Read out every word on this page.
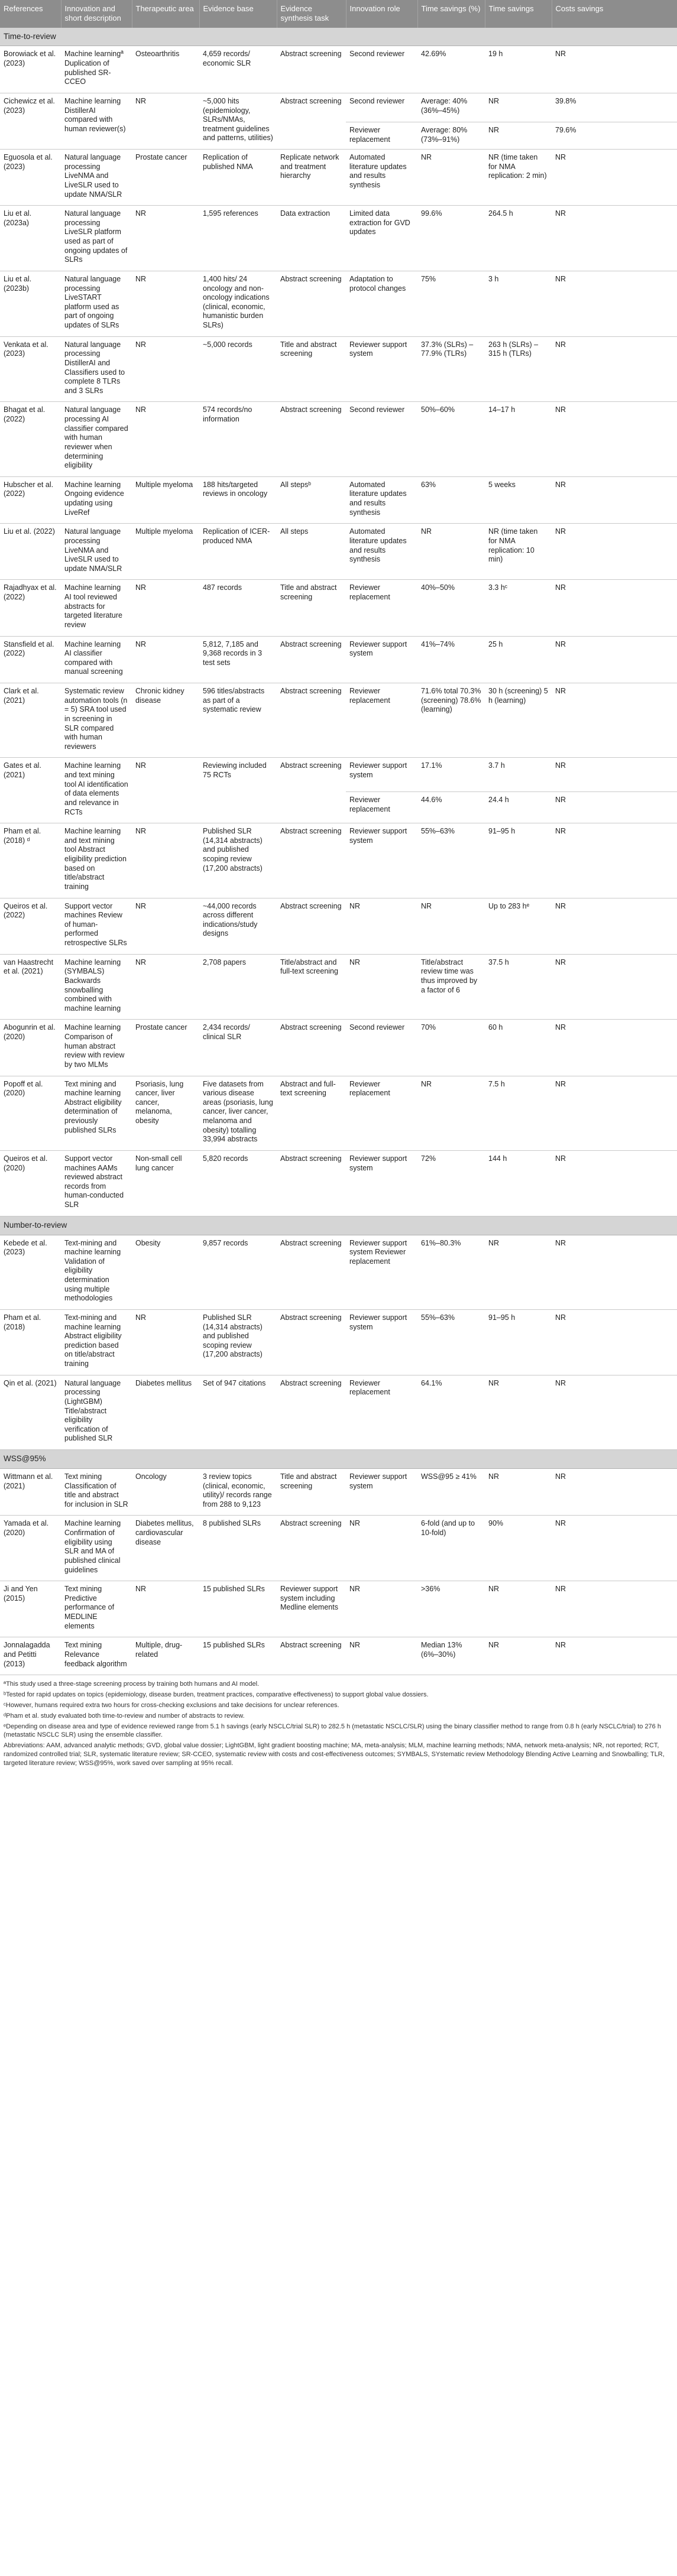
References	Innovation and short description	Therapeutic area	Evidence base	Evidence synthesis task	Innovation role	Time savings (%)	Time savings	Costs savings
Time-to-review								
Borowiack et al. (2023)	Machine learningª Duplication of published SR-CCEO	Osteoarthritis	4,659 records/ economic SLR	Abstract screening	Second reviewer	42.69%	19 h	NR
Cichewicz et al. (2023)	Machine learning DistillerAI compared with human reviewer(s)	NR	~5,000 hits (epidemiology, SLRs/NMAs, treatment guidelines and patterns, utilities)	Abstract screening	Second reviewer	Average: 40% (36%–45%)	NR	39.8%
					Reviewer replacement	Average: 80% (73%–91%)	NR	79.6%
Eguosola et al. (2023)	Natural language processing LiveNMA and LiveSLR used to update NMA/SLR	Prostate cancer	Replication of published NMA	Replicate network and treatment hierarchy	Automated literature updates and results synthesis	NR	NR (time taken for NMA replication: 2 min)	NR
Liu et al. (2023a)	Natural language processing LiveSLR platform used as part of ongoing updates of SLRs	NR	1,595 references	Data extraction	Limited data extraction for GVD updates	99.6%	264.5 h	NR
Liu et al. (2023b)	Natural language processing LiveSTART platform used as part of ongoing updates of SLRs	NR	1,400 hits/ 24 oncology and non-oncology indications (clinical, economic, humanistic burden SLRs)	Abstract screening	Adaptation to protocol changes	75%	3 h	NR
Venkata et al. (2023)	Natural language processing DistillerAI and Classifiers used to complete 8 TLRs and 3 SLRs	NR	~5,000 records	Title and abstract screening	Reviewer support system	37.3% (SLRs) – 77.9% (TLRs)	263 h (SLRs) – 315 h (TLRs)	NR
Bhagat et al. (2022)	Natural language processing AI classifier compared with human reviewer when determining eligibility	NR	574 records/no information	Abstract screening	Second reviewer	50%–60%	14–17 h	NR
Hubscher et al. (2022)	Machine learning Ongoing evidence updating using LiveRef	Multiple myeloma	188 hits/targeted reviews in oncology	All stepsᵇ	Automated literature updates and results synthesis	63%	5 weeks	NR
Liu et al. (2022)	Natural language processing LiveNMA and LiveSLR used to update NMA/SLR	Multiple myeloma	Replication of ICER-produced NMA	All steps	Automated literature updates and results synthesis	NR	NR (time taken for NMA replication: 10 min)	NR
Rajadhyax et al. (2022)	Machine learning AI tool reviewed abstracts for targeted literature review	NR	487 records	Title and abstract screening	Reviewer replacement	40%–50%	3.3 hᶜ	NR
Stansfield et al. (2022)	Machine learning AI classifier compared with manual screening	NR	5,812, 7,185 and 9,368 records in 3 test sets	Abstract screening	Reviewer support system	41%–74%	25 h	NR
Clark et al. (2021)	Systematic review automation tools (n = 5) SRA tool used in screening in SLR compared with human reviewers	Chronic kidney disease	596 titles/abstracts as part of a systematic review	Abstract screening	Reviewer replacement	71.6% total 70.3% (screening) 78.6% (learning)	30 h (screening) 5 h (learning)	NR
Gates et al. (2021)	Machine learning and text mining tool AI identification of data elements and relevance in RCTs	NR	Reviewing included 75 RCTs	Abstract screening	Reviewer support system	17.1%	3.7 h	NR
					Reviewer replacement	44.6%	24.4 h	NR
Pham et al. (2018) ᵈ	Machine learning and text mining tool Abstract eligibility prediction based on title/abstract training	NR	Published SLR (14,314 abstracts) and published scoping review (17,200 abstracts)	Abstract screening	Reviewer support system	55%–63%	91–95 h	NR
Queiros et al. (2022)	Support vector machines Review of human-performed retrospective SLRs	NR	~44,000 records across different indications/study designs	Abstract screening	NR	NR	Up to 283 hᵉ	NR
van Haastrecht et al. (2021)	Machine learning (SYMBALS) Backwards snowballing combined with machine learning	NR	2,708 papers	Title/abstract and full-text screening	NR	Title/abstract review time was thus improved by a factor of 6	37.5 h	NR
Abogunrin et al. (2020)	Machine learning Comparison of human abstract review with review by two MLMs	Prostate cancer	2,434 records/ clinical SLR	Abstract screening	Second reviewer	70%	60 h	NR
Popoff et al. (2020)	Text mining and machine learning Abstract eligibility determination of previously published SLRs	Psoriasis, lung cancer, liver cancer, melanoma, obesity	Five datasets from various disease areas (psoriasis, lung cancer, liver cancer, melanoma and obesity) totalling 33,994 abstracts	Abstract and full-text screening	Reviewer replacement	NR	7.5 h	NR
Queiros et al. (2020)	Support vector machines AAMs reviewed abstract records from human-conducted SLR	Non-small cell lung cancer	5,820 records	Abstract screening	Reviewer support system	72%	144 h	NR
Number-to-review								
Kebede et al. (2023)	Text-mining and machine learning Validation of eligibility determination using multiple methodologies	Obesity	9,857 records	Abstract screening	Reviewer support system Reviewer replacement	61%–80.3%	NR	NR
Pham et al. (2018)	Text-mining and machine learning Abstract eligibility prediction based on title/abstract training	NR	Published SLR (14,314 abstracts) and published scoping review (17,200 abstracts)	Abstract screening	Reviewer support system	55%–63%	91–95 h	NR
Qin et al. (2021)	Natural language processing (LightGBM) Title/abstract eligibility verification of published SLR	Diabetes mellitus	Set of 947 citations	Abstract screening	Reviewer replacement	64.1%	NR	NR
WSS@95%								
Wittmann et al. (2021)	Text mining Classification of title and abstract for inclusion in SLR	Oncology	3 review topics (clinical, economic, utility)/ records range from 288 to 9,123	Title and abstract screening	Reviewer support system	WSS@95 ≥ 41%	NR	NR
Yamada et al. (2020)	Machine learning Confirmation of eligibility using SLR and MA of published clinical guidelines	Diabetes mellitus, cardiovascular disease	8 published SLRs	Abstract screening	NR	6-fold (and up to 10-fold)	90%	NR
Ji and Yen (2015)	Text mining Predictive performance of MEDLINE elements	NR	15 published SLRs	Reviewer support system including Medline elements	NR	>36%	NR	NR
Jonnalagadda and Petitti (2013)	Text mining Relevance feedback algorithm	Multiple, drug-related	15 published SLRs	Abstract screening	NR	Median 13% (6%–30%)	NR	NR

ªThis study used a three-stage screening process by training both humans and AI model.

ᵇTested for rapid updates on topics (epidemiology, disease burden, treatment practices, comparative effectiveness) to support global value dossiers.

ᶜHowever, humans required extra two hours for cross-checking exclusions and take decisions for unclear references.

ᵈPham et al. study evaluated both time-to-review and number of abstracts to review.

ᵉDepending on disease area and type of evidence reviewed range from 5.1 h savings (early NSCLC/trial SLR) to 282.5 h (metastatic NSCLC/SLR) using the binary classifier method to range from 0.8 h (early NSCLC/trial) to 276 h (metastatic NSCLC SLR) using the ensemble classifier.

Abbreviations: AAM, advanced analytic methods; GVD, global value dossier; LightGBM, light gradient boosting machine; MA, meta-analysis; MLM, machine learning methods; NMA, network meta-analysis; NR, not reported; RCT, randomized controlled trial; SLR, systematic literature review; SR-CCEO, systematic review with costs and cost-effectiveness outcomes; SYMBALS, SYstematic review Methodology Blending Active Learning and Snowballing; TLR, targeted literature review; WSS@95%, work saved over sampling at 95% recall.
